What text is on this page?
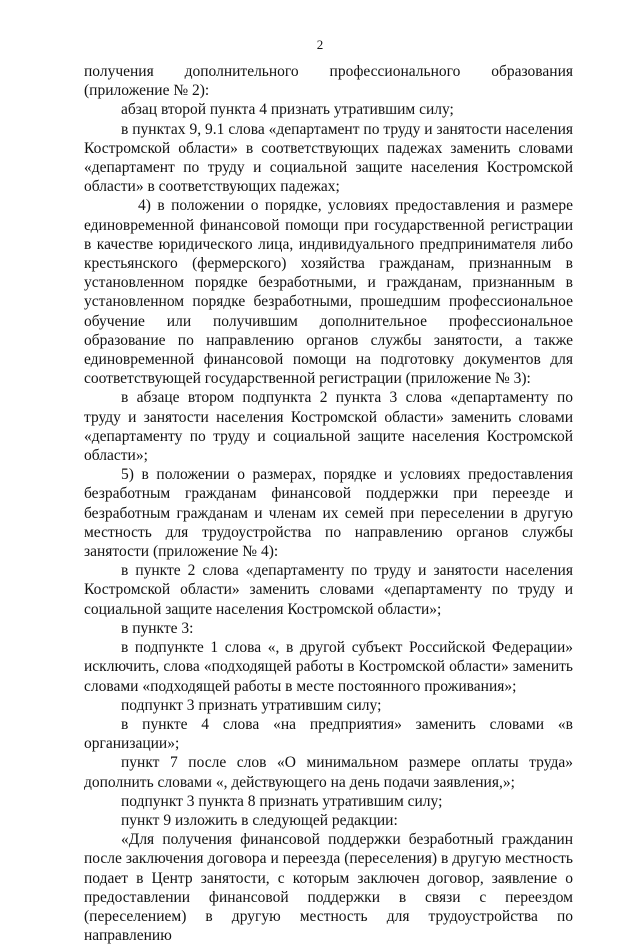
2

получения дополнительного профессионального образования (приложение № 2):

абзац второй пункта 4 признать утратившим силу;

в пунктах 9, 9.1 слова «департамент по труду и занятости населения Костромской области» в соответствующих падежах заменить словами «департамент по труду и социальной защите населения Костромской области» в соответствующих падежах;

4) в положении о порядке, условиях предоставления и размере единовременной финансовой помощи при государственной регистрации в качестве юридического лица, индивидуального предпринимателя либо крестьянского (фермерского) хозяйства гражданам, признанным в установленном порядке безработными, и гражданам, признанным в установленном порядке безработными, прошедшим профессиональное обучение или получившим дополнительное профессиональное образование по направлению органов службы занятости, а также единовременной финансовой помощи на подготовку документов для соответствующей государственной регистрации (приложение № 3):

в абзаце втором подпункта 2 пункта 3 слова «департаменту по труду и занятости населения Костромской области» заменить словами «департаменту по труду и социальной защите населения Костромской области»;

5) в положении о размерах, порядке и условиях предоставления безработным гражданам финансовой поддержки при переезде и безработным гражданам и членам их семей при переселении в другую местность для трудоустройства по направлению органов службы занятости (приложение № 4):

в пункте 2 слова «департаменту по труду и занятости населения Костромской области» заменить словами «департаменту по труду и социальной защите населения Костромской области»;

в пункте 3:

в подпункте 1 слова «, в другой субъект Российской Федерации» исключить, слова «подходящей работы в Костромской области» заменить словами «подходящей работы в месте постоянного проживания»;

подпункт 3 признать утратившим силу;

в пункте 4 слова «на предприятия» заменить словами «в организации»;

пункт 7 после слов «О минимальном размере оплаты труда» дополнить словами «, действующего на день подачи заявления,»;

подпункт 3 пункта 8 признать утратившим силу;

пункт 9 изложить в следующей редакции:

«Для получения финансовой поддержки безработный гражданин после заключения договора и переезда (переселения) в другую местность подает в Центр занятости, с которым заключен договор, заявление о предоставлении финансовой поддержки в связи с переездом (переселением) в другую местность для трудоустройства по направлению
